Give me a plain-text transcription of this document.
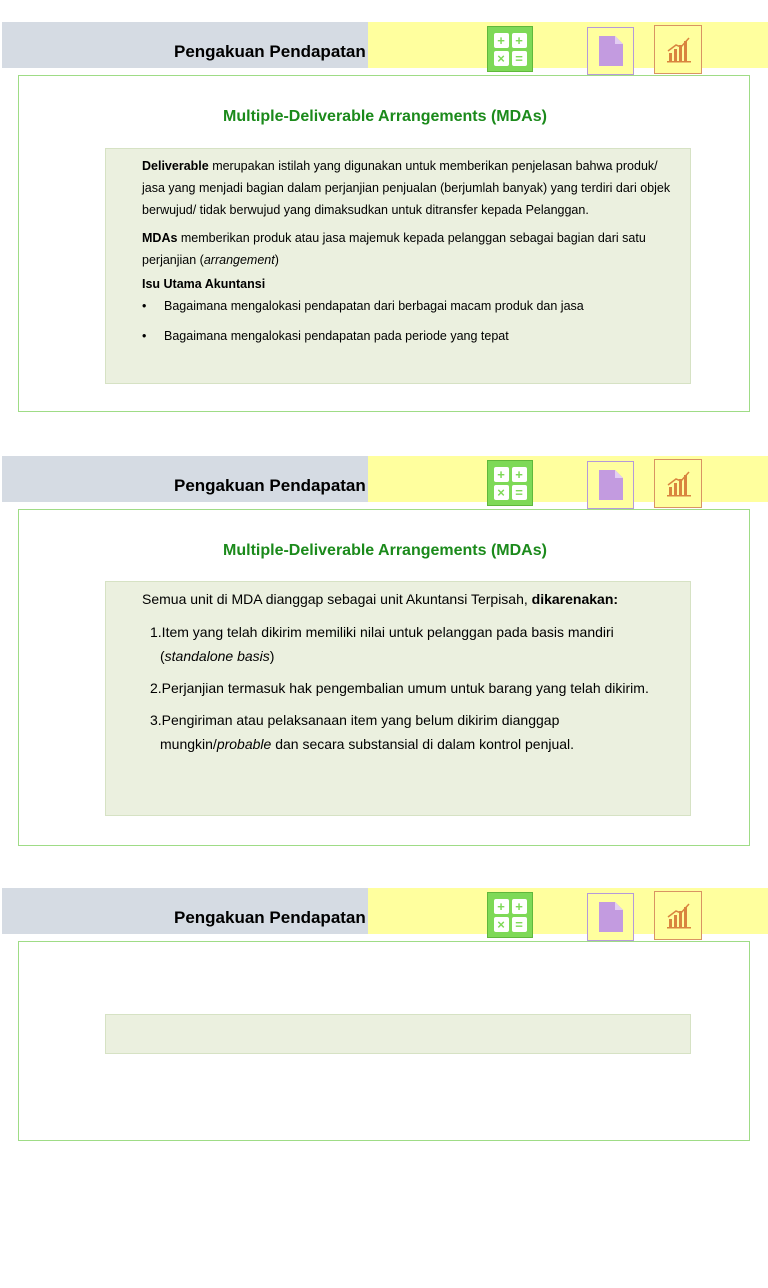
Pengakuan Pendapatan
+ +
× =
Multiple-Deliverable Arrangements (MDAs)

Deliverable merupakan istilah yang digunakan untuk memberikan penjelasan bahwa produk/ jasa yang menjadi bagian dalam perjanjian penjualan (berjumlah banyak) yang terdiri dari objek berwujud/ tidak berwujud yang dimaksudkan untuk ditransfer kepada Pelanggan.

MDAs memberikan produk atau jasa majemuk kepada pelanggan sebagai bagian dari satu perjanjian (arrangement)

Isu Utama Akuntansi
• Bagaimana mengalokasi pendapatan dari berbagai macam produk dan jasa
• Bagaimana mengalokasi pendapatan pada periode yang tepat
Pengakuan Pendapatan
+ +
× =
Multiple-Deliverable Arrangements (MDAs)

Semua unit di MDA dianggap sebagai unit Akuntansi Terpisah, dikarenakan:

1.Item yang telah dikirim memiliki nilai untuk pelanggan pada basis mandiri (standalone basis)
2.Perjanjian termasuk hak pengembalian umum untuk barang yang telah dikirim.
3.Pengiriman atau pelaksanaan item yang belum dikirim dianggap mungkin/probable dan secara substansial di dalam kontrol penjual.
Pengakuan Pendapatan
+ +
× =
